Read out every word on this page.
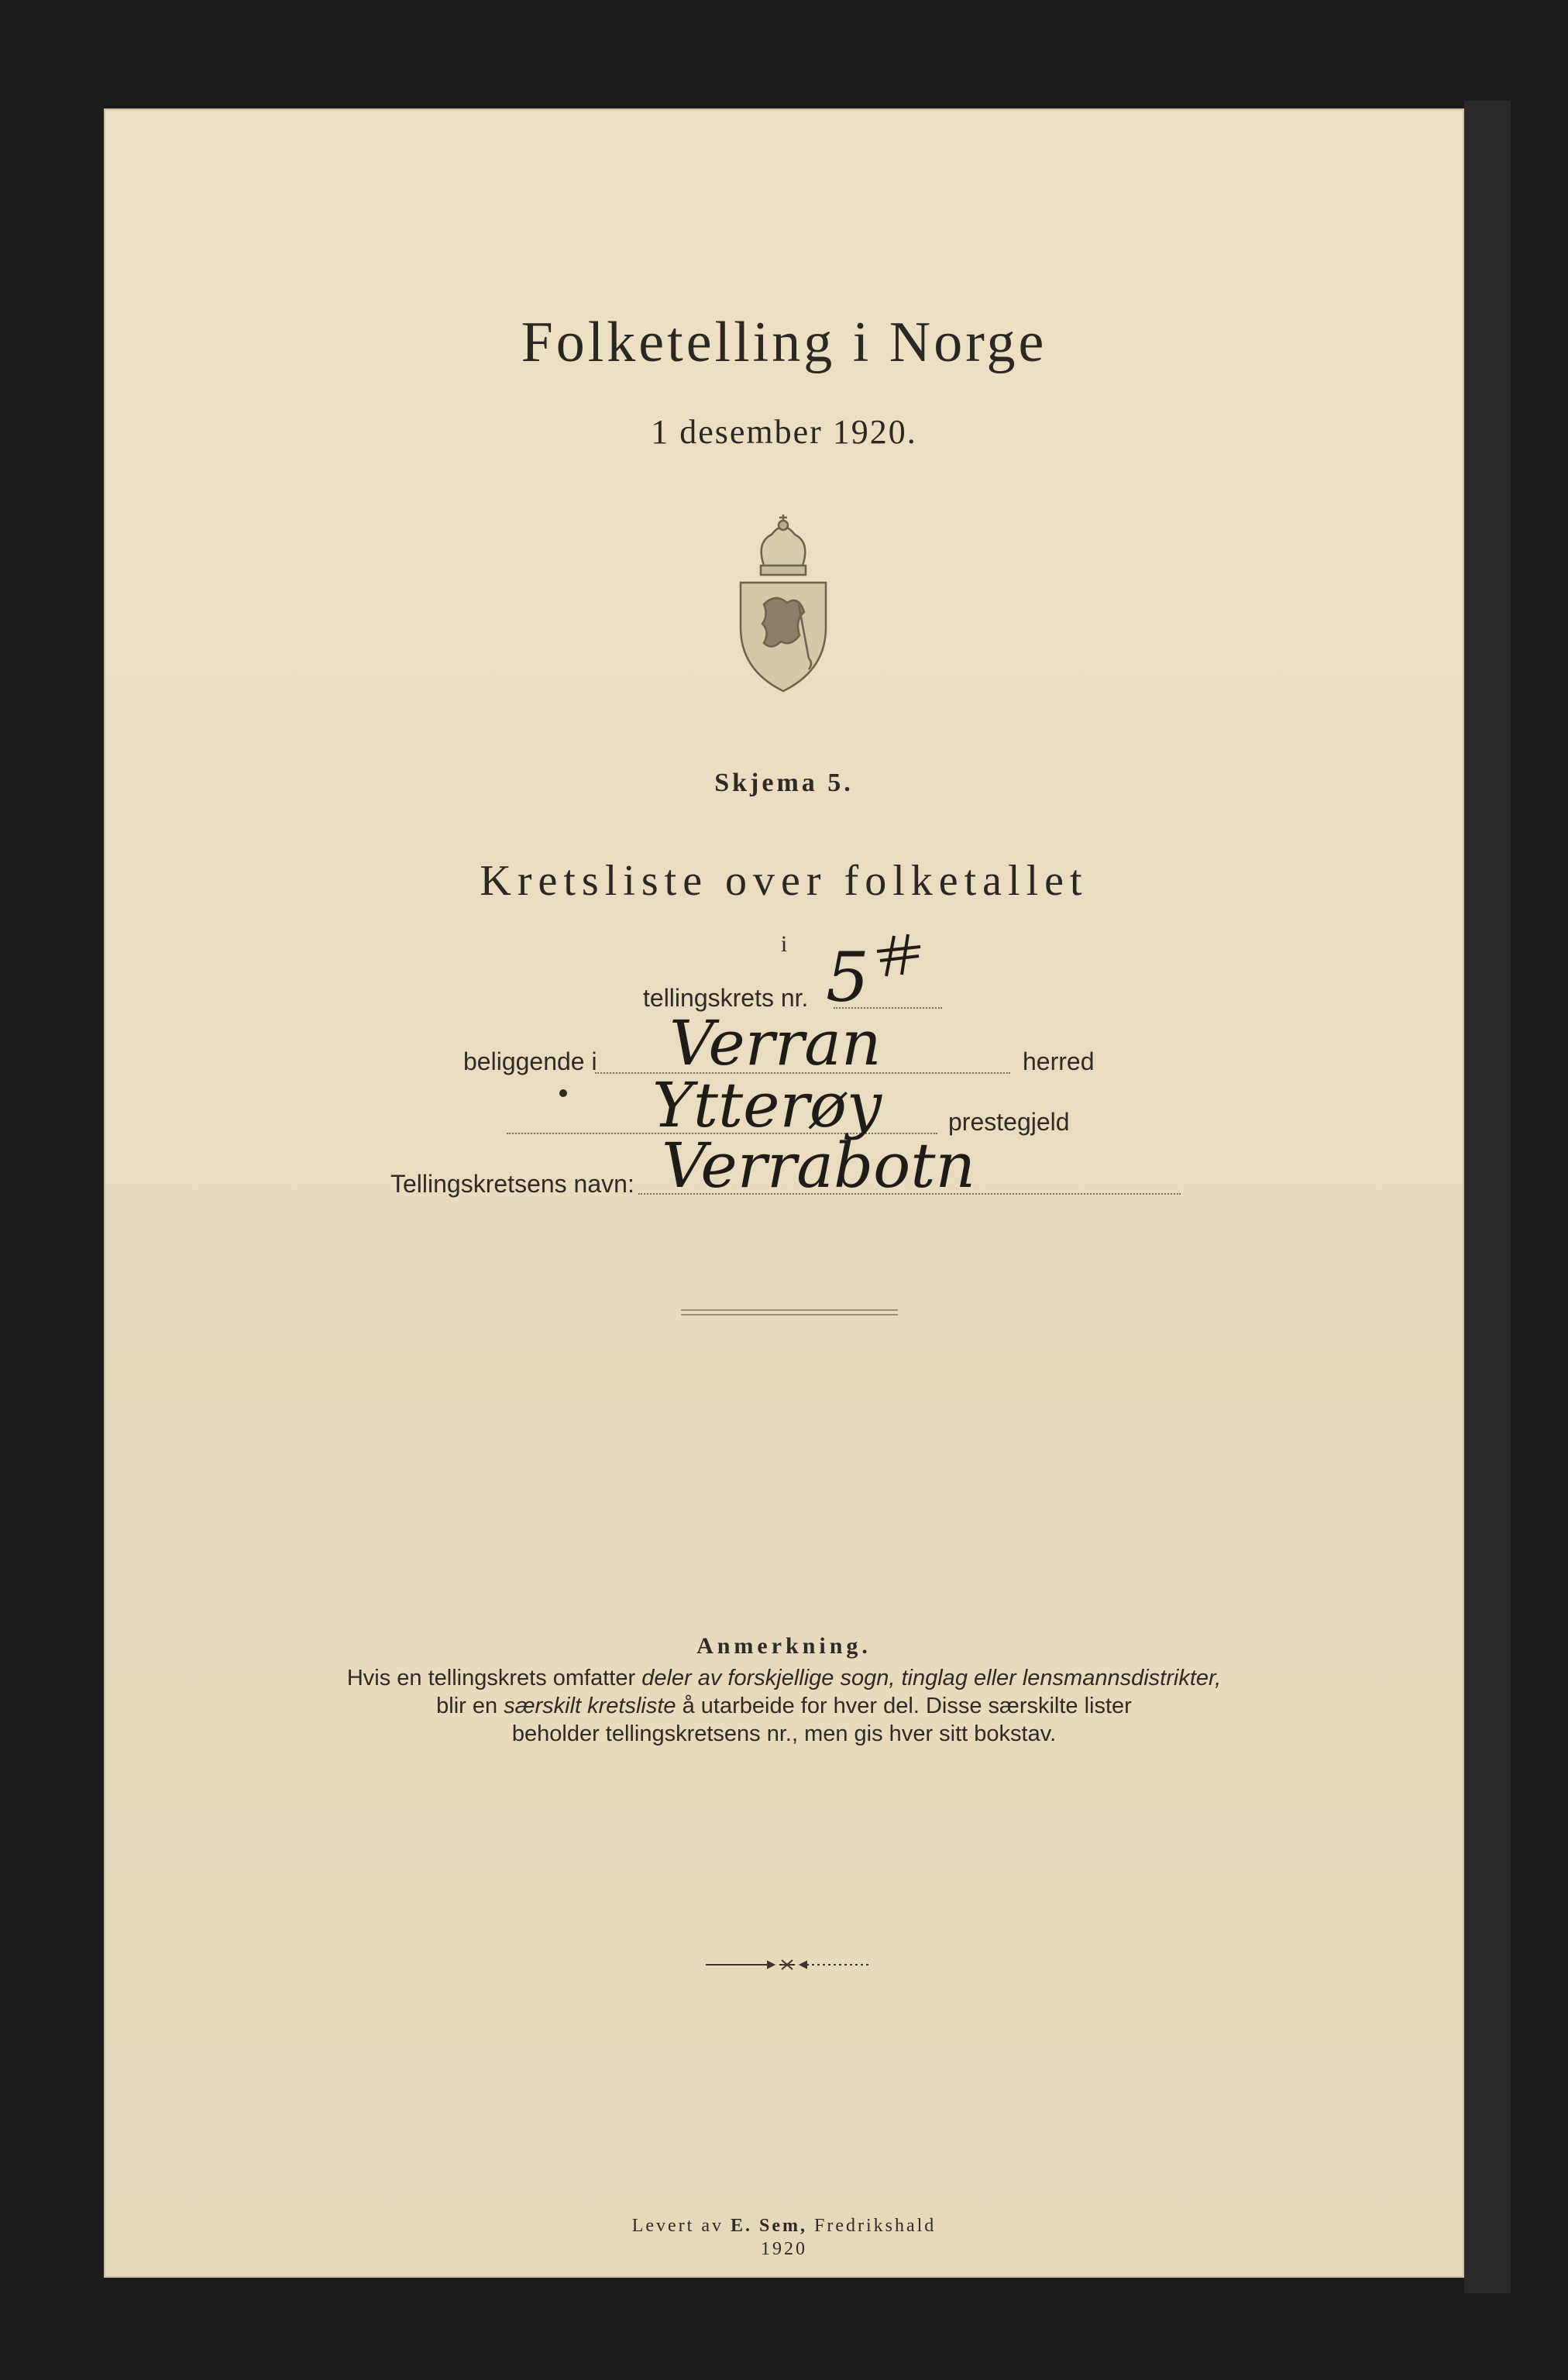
Folketelling i Norge
1 desember 1920.
Skjema 5.
Kretsliste over folketallet
i
tellingskrets nr. 5
beliggende i Verran	herred
Ytterøy	prestegjeld
Tellingskretsens navn: Verrabotn
Anmerkning.
Hvis en tellingskrets omfatter deler av forskjellige sogn, tinglag eller lensmannsdistrikter,
blir en særskilt kretsliste å utarbeide for hver del. Disse særskilte lister
beholder tellingskretsens nr., men gis hver sitt bokstav.
Levert av E. Sem, Fredrikshald
1920
